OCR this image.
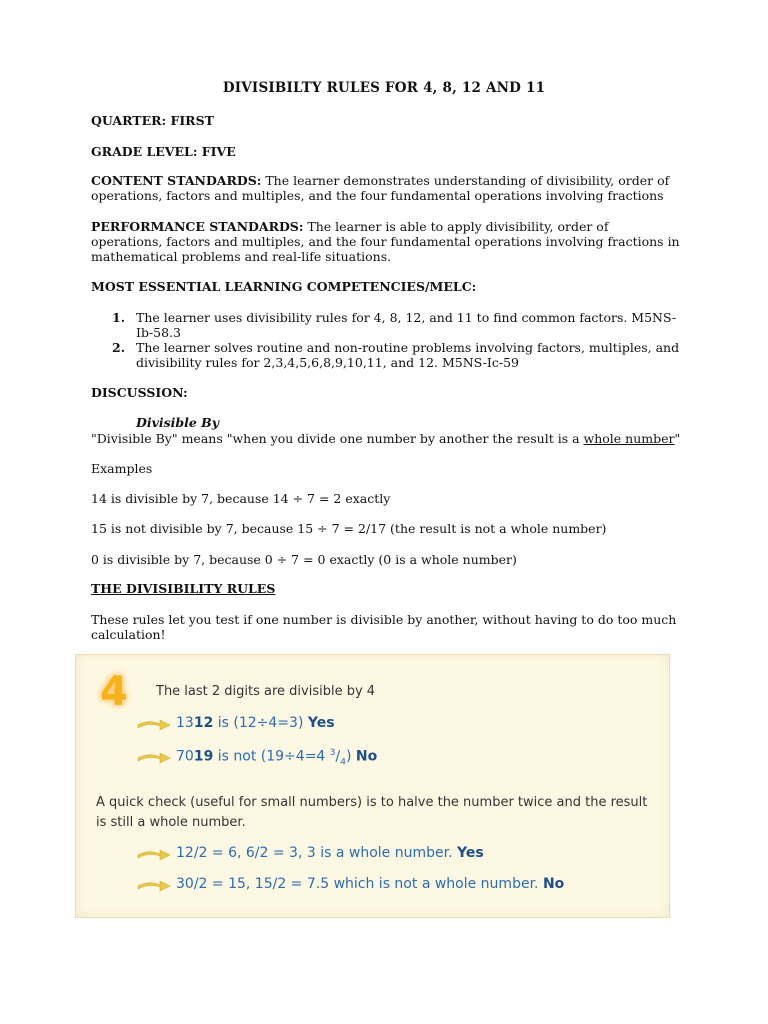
DIVISIBILTY RULES FOR 4, 8, 12 AND 11
QUARTER: FIRST
GRADE LEVEL: FIVE
CONTENT STANDARDS: The learner demonstrates understanding of divisibility, order of operations, factors and multiples, and the four fundamental operations involving fractions
PERFORMANCE STANDARDS: The learner is able to apply divisibility, order of operations, factors and multiples, and the four fundamental operations involving fractions in mathematical problems and real-life situations.
MOST ESSENTIAL LEARNING COMPETENCIES/MELC:
1. The learner uses divisibility rules for 4, 8, 12, and 11 to find common factors. M5NS-Ib-58.3
2. The learner solves routine and non-routine problems involving factors, multiples, and divisibility rules for 2,3,4,5,6,8,9,10,11, and 12. M5NS-Ic-59
DISCUSSION:
Divisible By
"Divisible By" means "when you divide one number by another the result is a whole number"
Examples
14 is divisible by 7, because 14 ÷ 7 = 2 exactly
15 is not divisible by 7, because 15 ÷ 7 = 2/17 (the result is not a whole number)
0 is divisible by 7, because 0 ÷ 7 = 0 exactly (0 is a whole number)
THE DIVISIBILITY RULES
These rules let you test if one number is divisible by another, without having to do too much calculation!
4 The last 2 digits are divisible by 4
1312 is (12÷4=3) Yes
7019 is not (19÷4=4 $^3/_4$) No
A quick check (useful for small numbers) is to halve the number twice and the result is still a whole number.
12/2 = 6, 6/2 = 3, 3 is a whole number. Yes
30/2 = 15, 15/2 = 7.5 which is not a whole number. No
